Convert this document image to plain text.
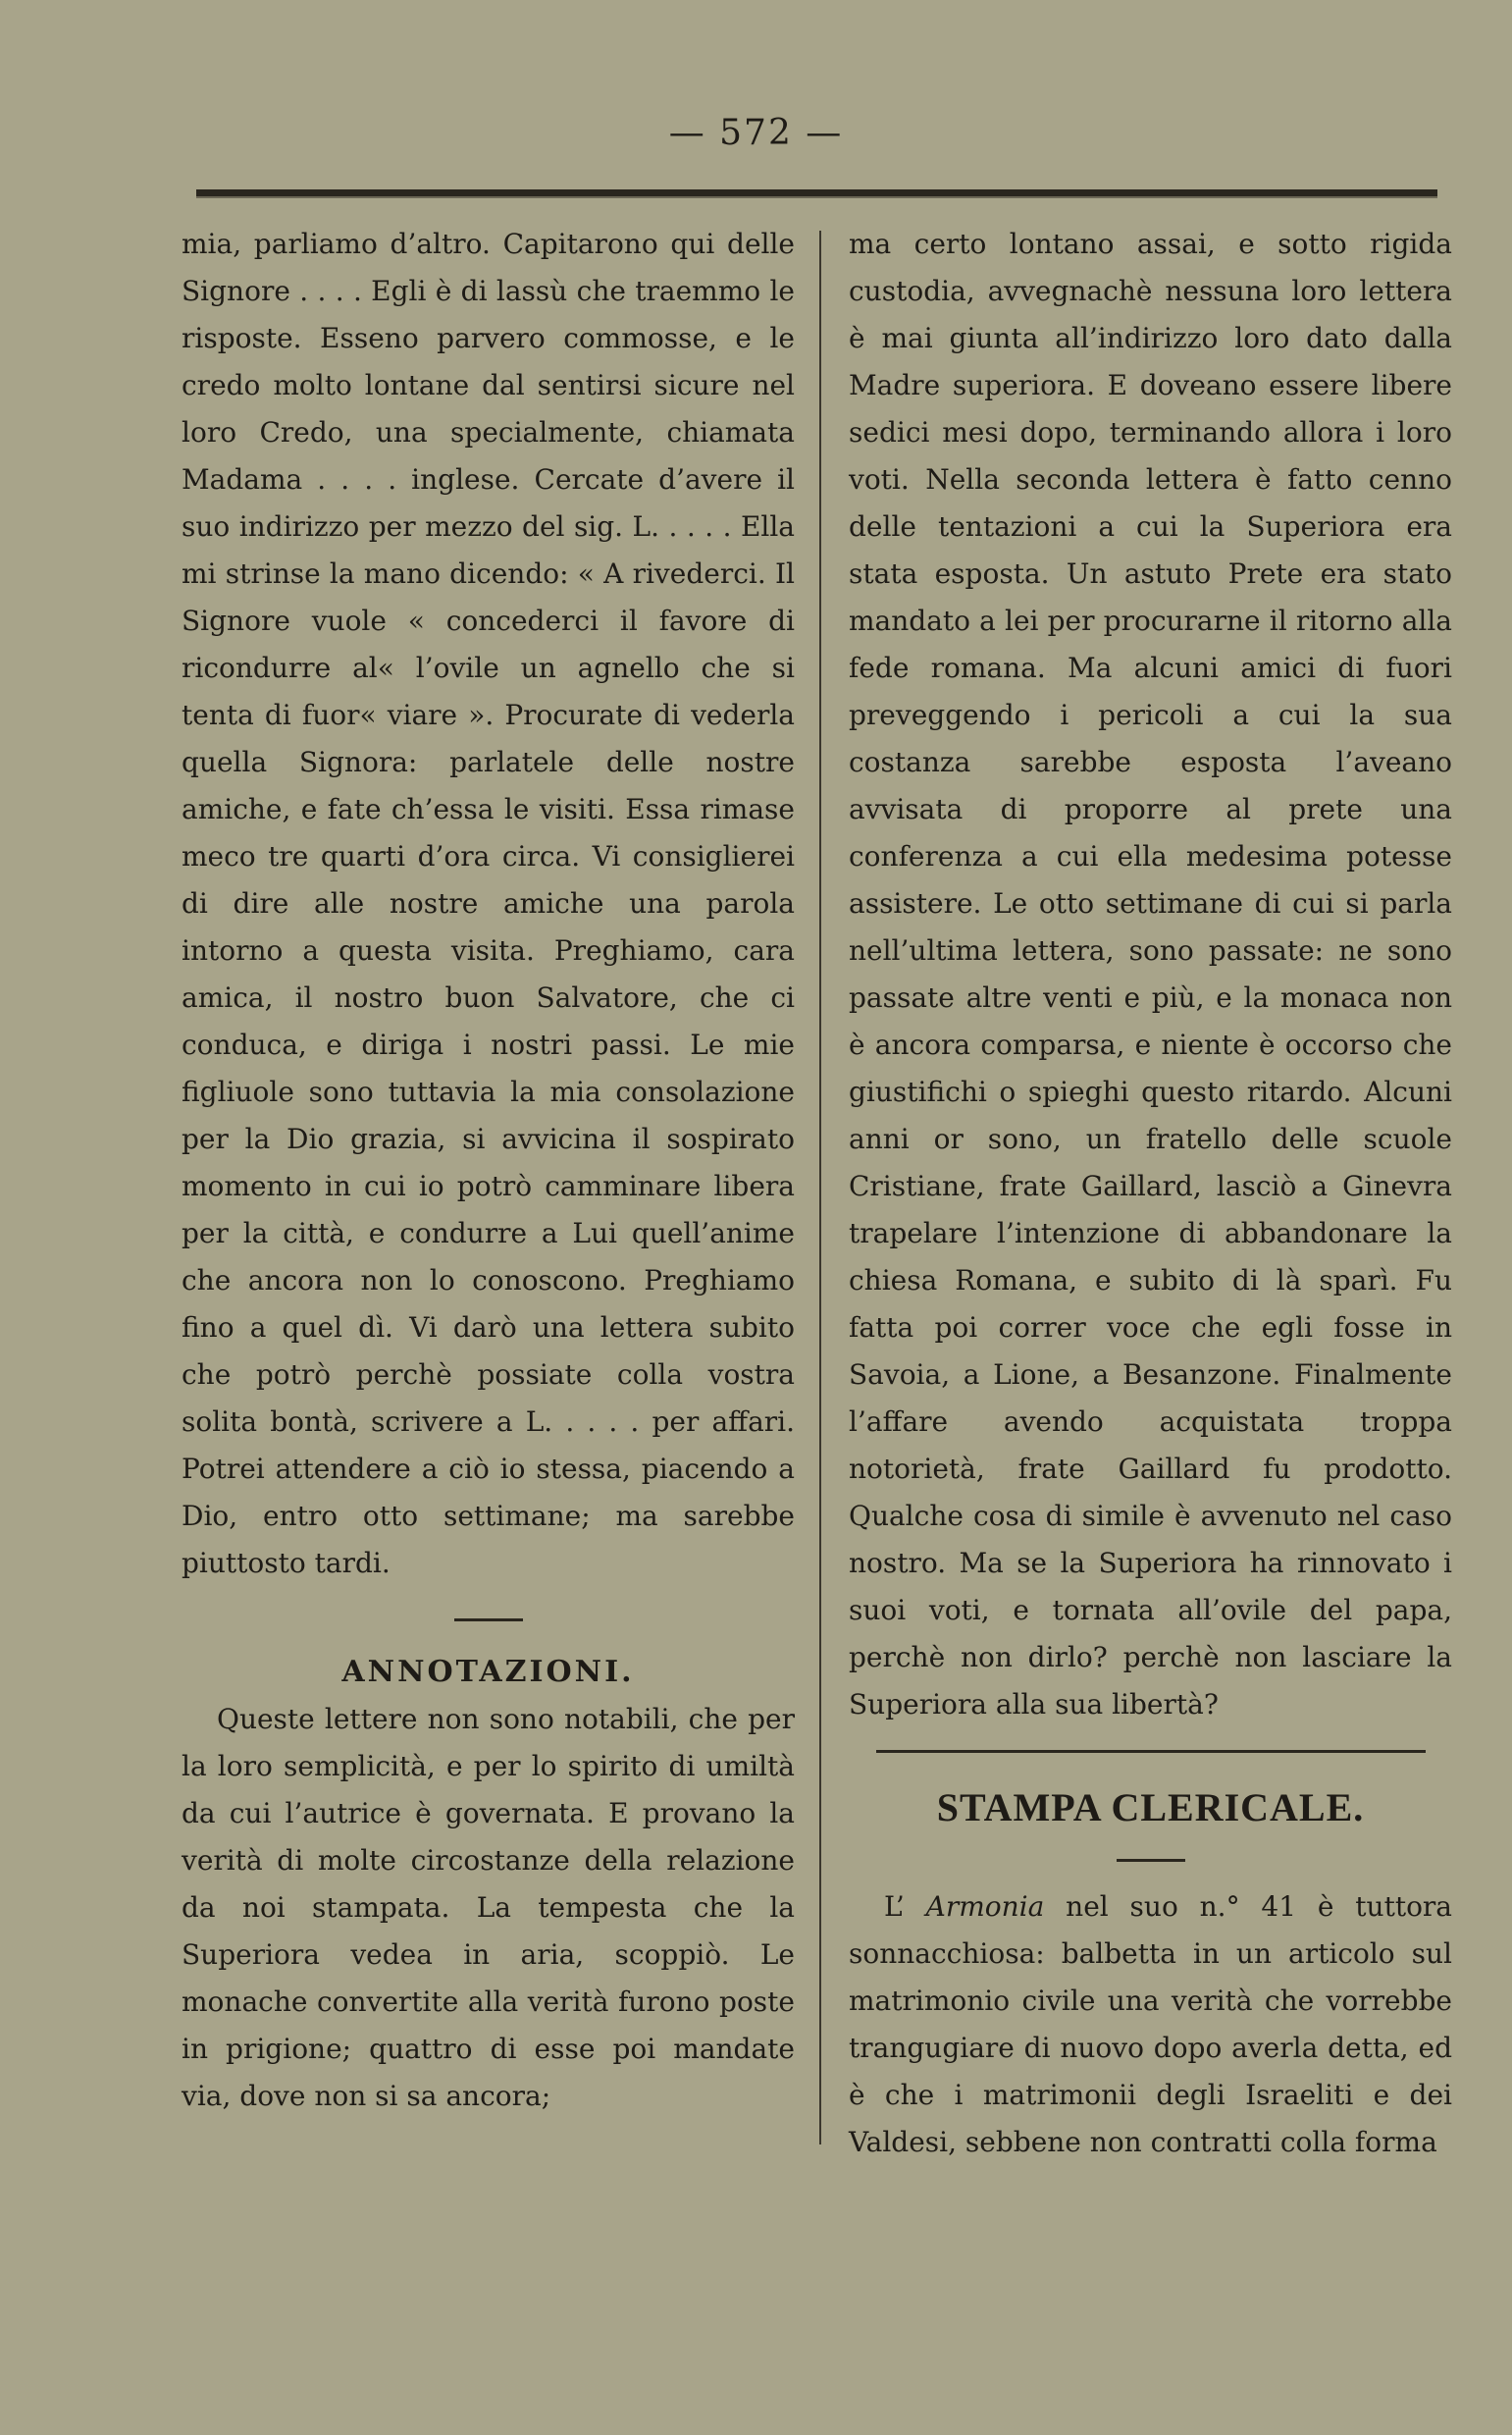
— 572 —

mia, parliamo d’altro. Capitarono qui delle Signore . . . . Egli è di lassù che traemmo le risposte. Esseno parvero commosse, e le credo molto lontane dal sentirsi sicure nel loro Credo, una specialmente, chiamata Madama . . . . inglese. Cercate d’avere il suo indirizzo per mezzo del sig. L. . . . . Ella mi strinse la mano dicendo: « A rivederci. Il Signore vuole « concederci il favore di ricondurre al« l’ovile un agnello che si tenta di fuor« viare ». Procurate di vederla quella Signora: parlatele delle nostre amiche, e fate ch’essa le visiti. Essa rimase meco tre quarti d’ora circa. Vi consiglierei di dire alle nostre amiche una parola intorno a questa visita. Preghiamo, cara amica, il nostro buon Salvatore, che ci conduca, e diriga i nostri passi. Le mie figliuole sono tuttavia la mia consolazione per la Dio grazia, si avvicina il sospirato momento in cui io potrò camminare libera per la città, e condurre a Lui quell’anime che ancora non lo conoscono. Preghiamo fino a quel dì. Vi darò una lettera subito che potrò perchè possiate colla vostra solita bontà, scrivere a L. . . . . per affari. Potrei attendere a ciò io stessa, piacendo a Dio, entro otto settimane; ma sarebbe piuttosto tardi.

ANNOTAZIONI.

Queste lettere non sono notabili, che per la loro semplicità, e per lo spirito di umiltà da cui l’autrice è governata. E provano la verità di molte circostanze della relazione da noi stampata. La tempesta che la Superiora vedea in aria, scoppiò. Le monache convertite alla verità furono poste in prigione; quattro di esse poi mandate via, dove non si sa ancora;

ma certo lontano assai, e sotto rigida custodia, avvegnachè nessuna loro lettera è mai giunta all’indirizzo loro dato dalla Madre superiora. E doveano essere libere sedici mesi dopo, terminando allora i loro voti. Nella seconda lettera è fatto cenno delle tentazioni a cui la Superiora era stata esposta. Un astuto Prete era stato mandato a lei per procurarne il ritorno alla fede romana. Ma alcuni amici di fuori preveggendo i pericoli a cui la sua costanza sarebbe esposta l’aveano avvisata di proporre al prete una conferenza a cui ella medesima potesse assistere. Le otto settimane di cui si parla nell’ultima lettera, sono passate: ne sono passate altre venti e più, e la monaca non è ancora comparsa, e niente è occorso che giustifichi o spieghi questo ritardo. Alcuni anni or sono, un fratello delle scuole Cristiane, frate Gaillard, lasciò a Ginevra trapelare l’intenzione di abbandonare la chiesa Romana, e subito di là sparì. Fu fatta poi correr voce che egli fosse in Savoia, a Lione, a Besanzone. Finalmente l’affare avendo acquistata troppa notorietà, frate Gaillard fu prodotto. Qualche cosa di simile è avvenuto nel caso nostro. Ma se la Superiora ha rinnovato i suoi voti, e tornata all’ovile del papa, perchè non dirlo? perchè non lasciare la Superiora alla sua libertà?

STAMPA CLERICALE.

L’ Armonia nel suo n.° 41 è tuttora sonnacchiosa: balbetta in un articolo sul matrimonio civile una verità che vorrebbe trangugiare di nuovo dopo averla detta, ed è che i matrimonii degli Israeliti e dei Valdesi, sebbene non contratti colla forma
